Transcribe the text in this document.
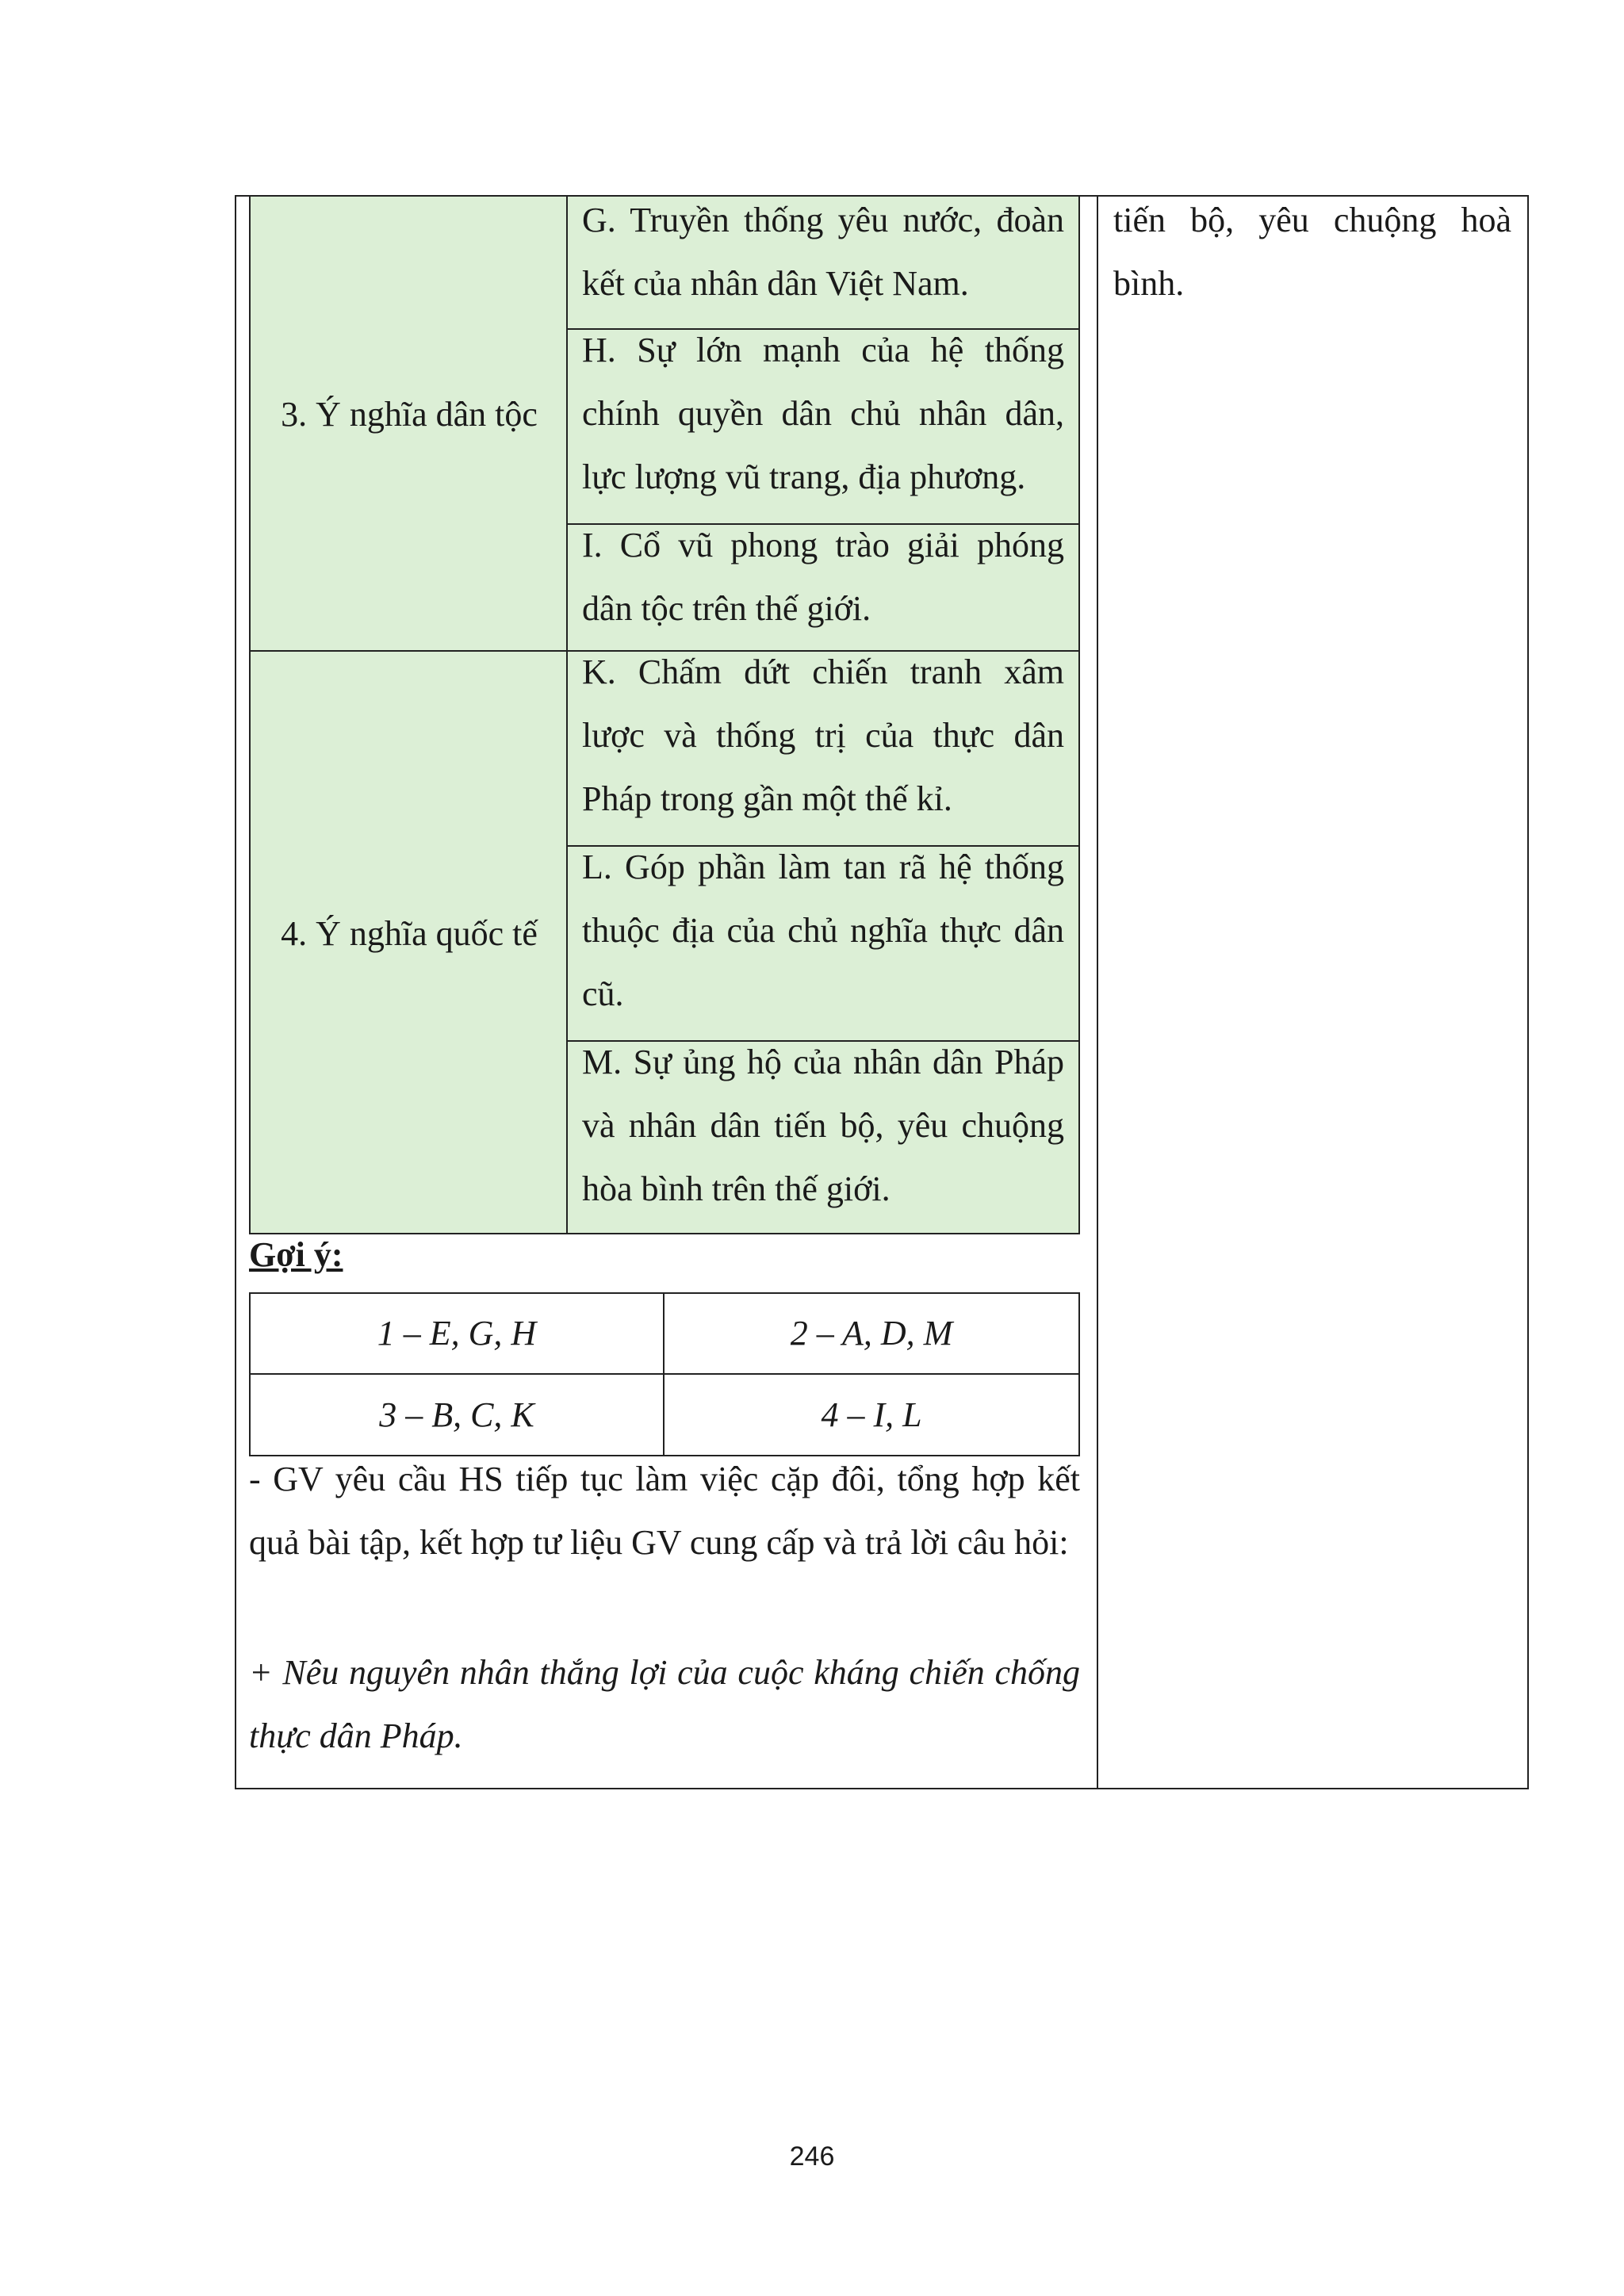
3. Ý nghĩa dân tộc
4. Ý nghĩa quốc tế
G. Truyền thống yêu nước, đoàn kết của nhân dân Việt Nam.
H. Sự lớn mạnh của hệ thống chính quyền dân chủ nhân dân, lực lượng vũ trang, địa phương.
I. Cổ vũ phong trào giải phóng dân tộc trên thế giới.
K. Chấm dứt chiến tranh xâm lược và thống trị của thực dân Pháp trong gần một thế kỉ.
L. Góp phần làm tan rã hệ thống thuộc địa của chủ nghĩa thực dân cũ.
M. Sự ủng hộ của nhân dân Pháp và nhân dân tiến bộ, yêu chuộng hòa bình trên thế giới.
tiến bộ, yêu chuộng hoà bình.
Gợi ý:
1 – E, G, H	2 – A, D, M
3 – B, C, K	4 – I, L
- GV yêu cầu HS tiếp tục làm việc cặp đôi, tổng hợp kết quả bài tập, kết hợp tư liệu GV cung cấp và trả lời câu hỏi:
+ Nêu nguyên nhân thắng lợi của cuộc kháng chiến chống thực dân Pháp.
246
